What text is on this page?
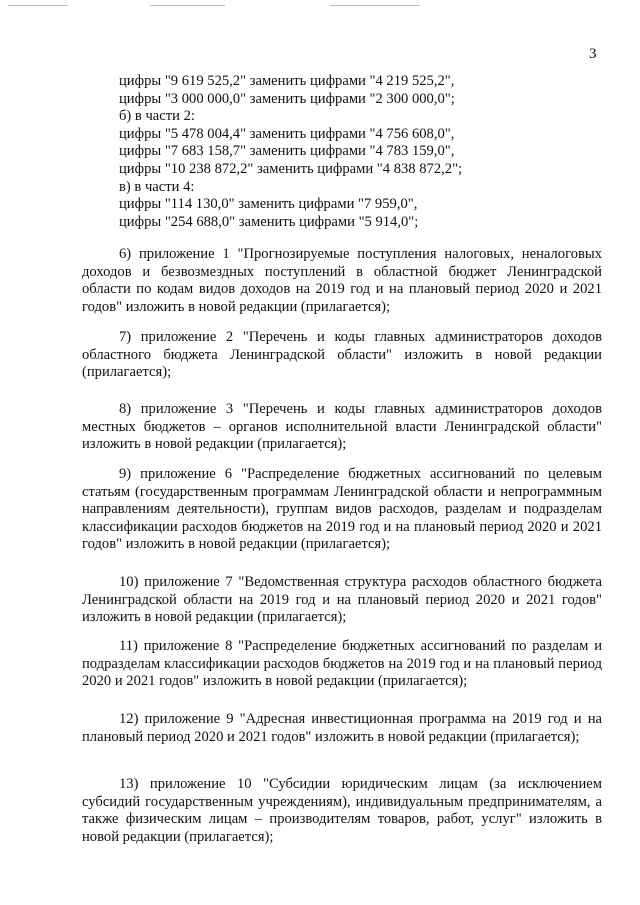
3
цифры "9 619 525,2" заменить цифрами "4 219 525,2",
цифры "3 000 000,0" заменить цифрами "2 300 000,0";
б) в части 2:
цифры "5 478 004,4" заменить цифрами "4 756 608,0",
цифры "7 683 158,7" заменить цифрами "4 783 159,0",
цифры "10 238 872,2" заменить цифрами "4 838 872,2";
в) в части 4:
цифры "114 130,0" заменить цифрами "7 959,0",
цифры "254 688,0" заменить цифрами "5 914,0";

6) приложение 1 "Прогнозируемые поступления налоговых, неналоговых доходов и безвозмездных поступлений в областной бюджет Ленинградской области по кодам видов доходов на 2019 год и на плановый период 2020 и 2021 годов" изложить в новой редакции (прилагается);

7) приложение 2 "Перечень и коды главных администраторов доходов областного бюджета Ленинградской области" изложить в новой редакции (прилагается);

8) приложение 3 "Перечень и коды главных администраторов доходов местных бюджетов – органов исполнительной власти Ленинградской области" изложить в новой редакции (прилагается);

9) приложение 6 "Распределение бюджетных ассигнований по целевым статьям (государственным программам Ленинградской области и непрограммным направлениям деятельности), группам видов расходов, разделам и подразделам классификации расходов бюджетов на 2019 год и на плановый период 2020 и 2021 годов" изложить в новой редакции (прилагается);

10) приложение 7 "Ведомственная структура расходов областного бюджета Ленинградской области на 2019 год и на плановый период 2020 и 2021 годов" изложить в новой редакции (прилагается);

11) приложение 8 "Распределение бюджетных ассигнований по разделам и подразделам классификации расходов бюджетов на 2019 год и на плановый период 2020 и 2021 годов" изложить в новой редакции (прилагается);

12) приложение 9 "Адресная инвестиционная программа на 2019 год и на плановый период 2020 и 2021 годов" изложить в новой редакции (прилагается);

13) приложение 10 "Субсидии юридическим лицам (за исключением субсидий государственным учреждениям), индивидуальным предпринимателям, а также физическим лицам – производителям товаров, работ, услуг" изложить в новой редакции (прилагается);
